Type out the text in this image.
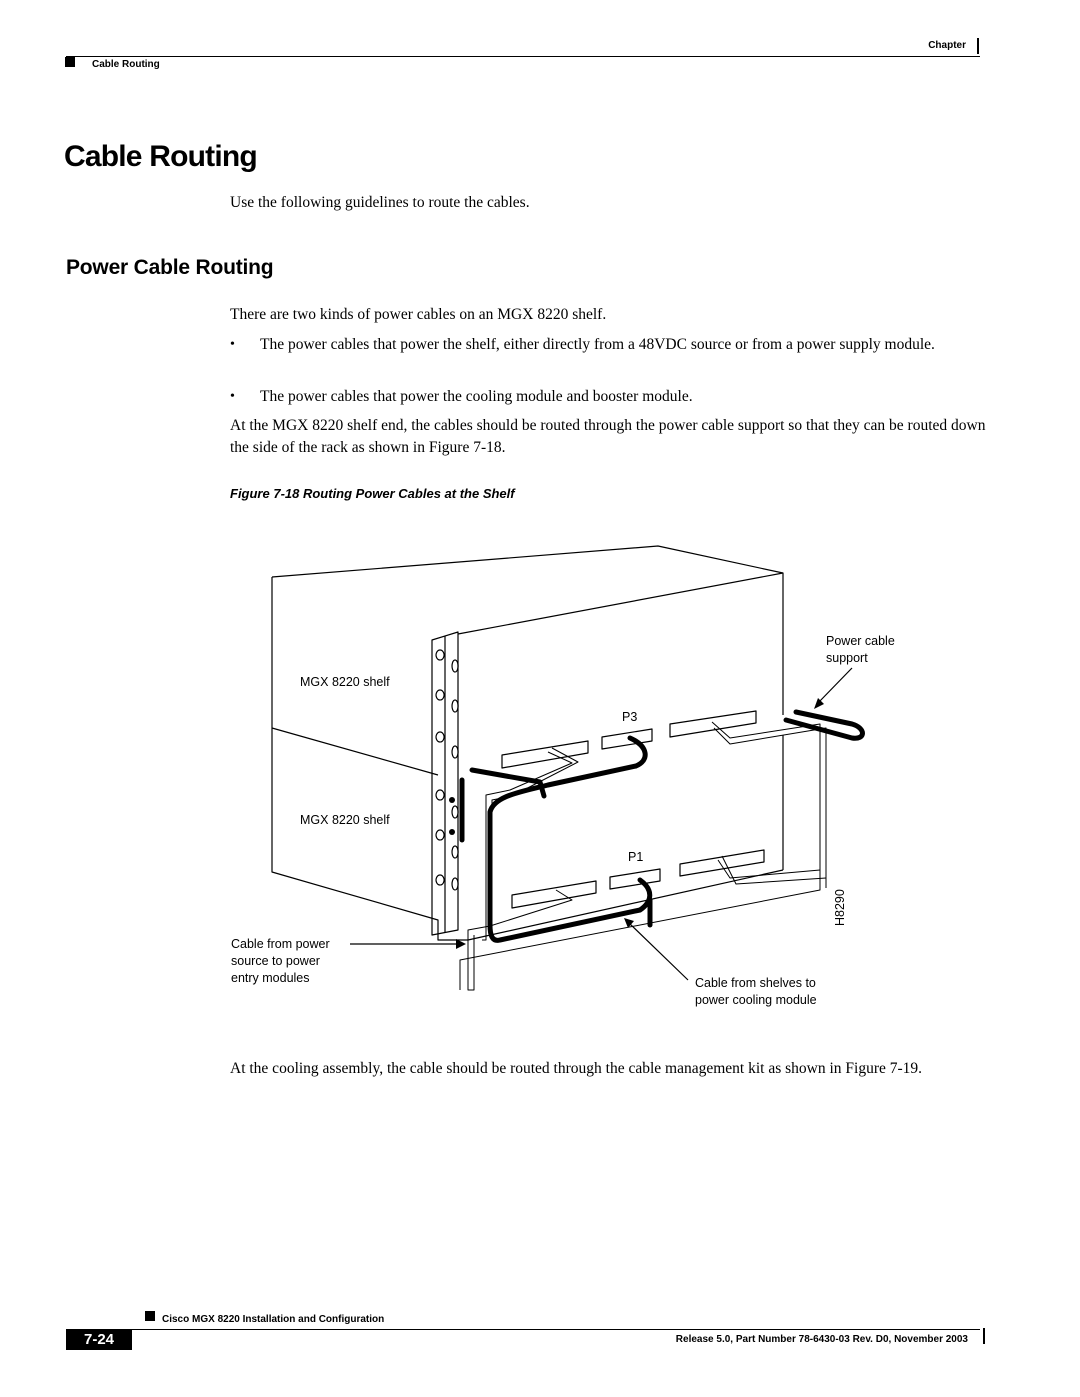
Chapter
Cable Routing
Cable Routing
Use the following guidelines to route the cables.
Power Cable Routing
There are two kinds of power cables on an MGX 8220 shelf.
• The power cables that power the shelf, either directly from a 48VDC source or from a power supply module.
• The power cables that power the cooling module and booster module.
At the MGX 8220 shelf end, the cables should be routed through the power cable support so that they can be routed down the side of the rack as shown in Figure 7-18.
Figure 7-18 Routing Power Cables at the Shelf
MGX 8220 shelf
MGX 8220 shelf
P3
P1
Power cable
support
Cable from power
source to power
entry modules	Cable from shelves to
power cooling module
H8290
At the cooling assembly, the cable should be routed through the cable management kit as shown in Figure 7-19.
Cisco MGX 8220 Installation and Configuration
7-24	Release 5.0, Part Number 78-6430-03 Rev. D0, November 2003
